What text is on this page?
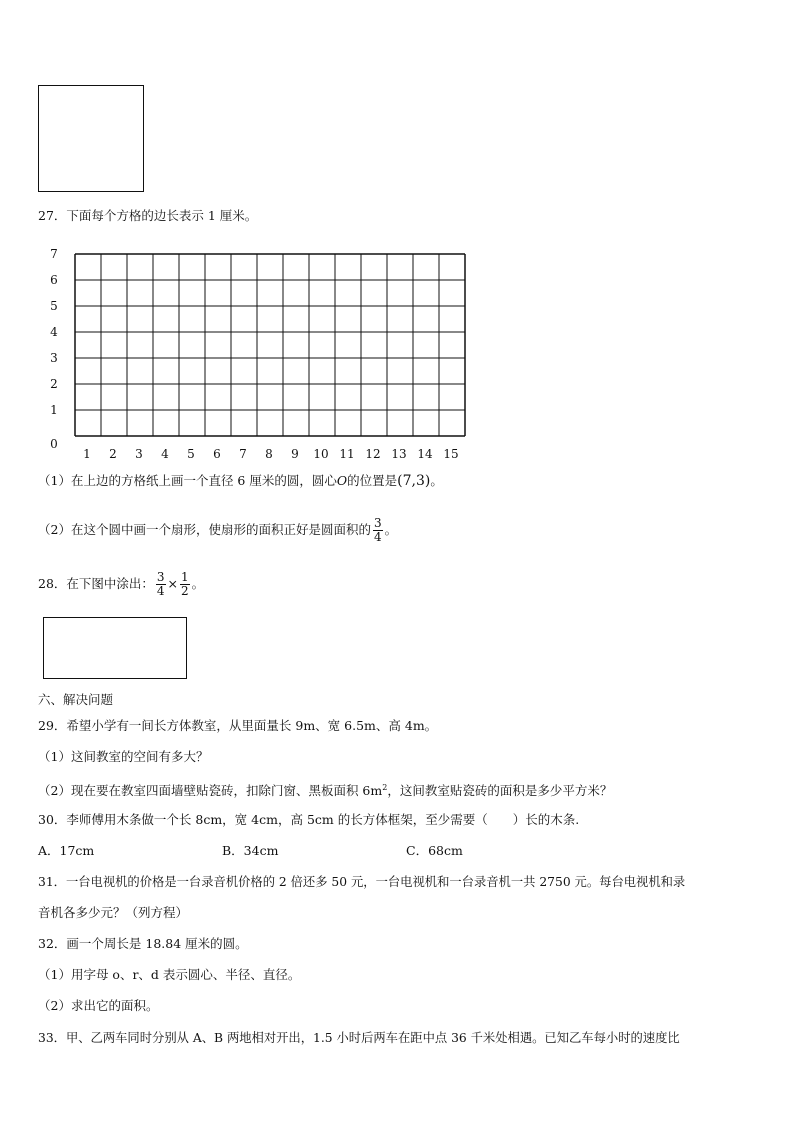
27．下面每个方格的边长表示 1 厘米。
0
1
2
3
4
5
6
7
1 2 3 4 5 6 7 8 9 10 11 12 13 14 15
（1）在上边的方格纸上画一个直径 6 厘米的圆，圆心O的位置是(7,3)。
（2）在这个圆中画一个扇形，使扇形的面积正好是圆面积的 $\frac{3}{4}$ 。
28．在下图中涂出： $\frac{3}{4} \times \frac{1}{2}$ 。
六、解决问题
29．希望小学有一间长方体教室，从里面量长 9m、宽 6.5m、高 4m。
（1）这间教室的空间有多大？
（2）现在要在教室四面墙壁贴瓷砖，扣除门窗、黑板面积 $6m^2$，这间教室贴瓷砖的面积是多少平方米？
30．李师傅用木条做一个长 8cm，宽 4cm，高 5cm 的长方体框架，至少需要（　　）长的木条.
A．17cm	B．34cm	C．68cm
31．一台电视机的价格是一台录音机价格的 2 倍还多 50 元，一台电视机和一台录音机一共 2750 元。每台电视机和录
音机各多少元？（列方程）
32．画一个周长是 18.84 厘米的圆。
（1）用字母 o、r、d 表示圆心、半径、直径。
（2）求出它的面积。
33．甲、乙两车同时分别从 A、B 两地相对开出，1.5 小时后两车在距中点 36 千米处相遇。已知乙车每小时的速度比
